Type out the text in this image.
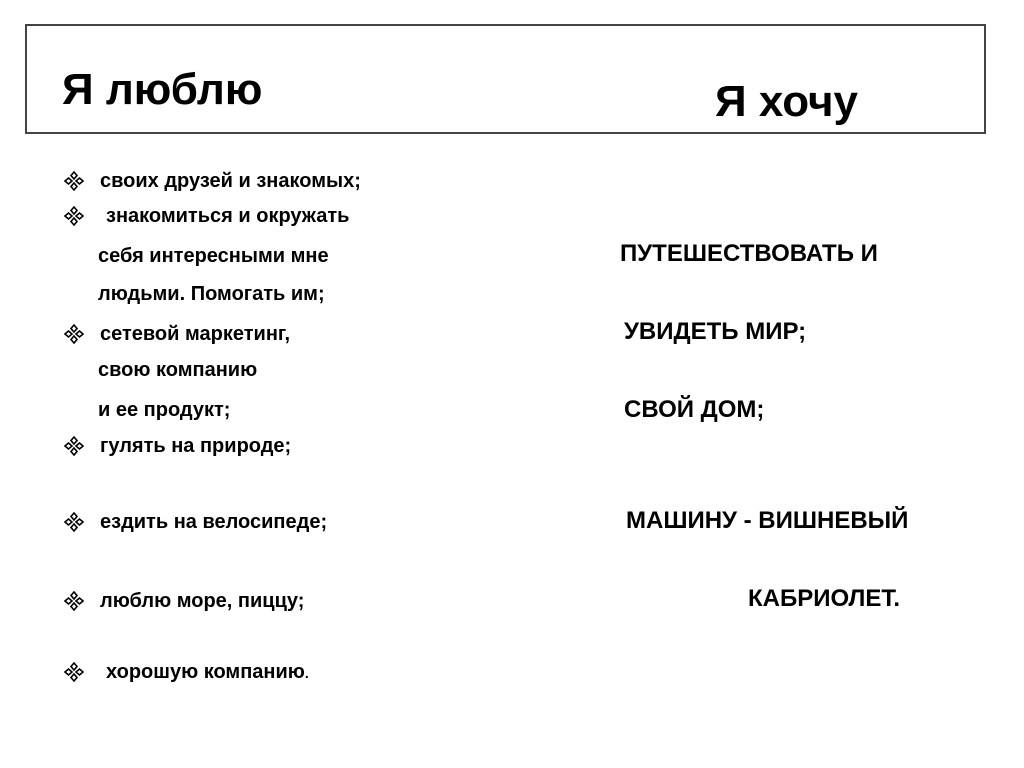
Я люблю	Я хочу
своих друзей и знакомых;
знакомиться и окружать
себя интересными мне
людьми. Помогать им;
сетевой маркетинг,
свою компанию
и ее продукт;
гулять на природе;
ездить на велосипеде;
люблю море, пиццу;
хорошую компанию.
ПУТЕШЕСТВОВАТЬ И
УВИДЕТЬ МИР;
СВОЙ ДОМ;
МАШИНУ - ВИШНЕВЫЙ
КАБРИОЛЕТ.
